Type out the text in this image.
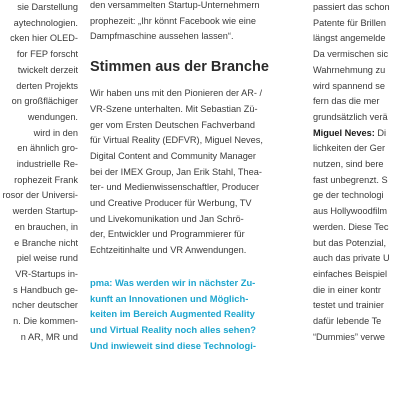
sie Darstellung
aytechnologien.
cken hier OLED-
for FEP forscht
twickelt derzeit
derten Projekts
on großflächiger
wendungen.
wird in den
en ähnlich gro-
industrielle Re-
rophezeit Frank
rosor der Universi-
werden Startup-
en brauchen, in
e Branche nicht
piel weise rund
VR-Startups in-
s Handbuch ge-
ncher deutscher
n. Die kommen-
n AR, MR und
den versammelten Startup-Unternehmern
prophezeit: „Ihr könnt Facebook wie eine
Dampfmaschine aussehen lassen“.
Stimmen aus der Branche
Wir haben uns mit den Pionieren der AR- /
VR-Szene unterhalten. Mit Sebastian Zü-
ger vom Ersten Deutschen Fachverband
für Virtual Reality (EDFVR), Miguel Neves,
Digital Content and Community Manager
bei der IMEX Group, Jan Erik Stahl, Thea-
ter- und Medienwissenschaftler, Producer
und Creative Producer für Werbung, TV
und Livekomunikation und Jan Schrö-
der, Entwickler und Programmierer für
Echtzeitinhalte und VR Anwendungen.
pma: Was werden wir in nächster Zu-
kunft an Innovationen und Möglich-
keiten im Bereich Augmented Reality
und Virtual Reality noch alles sehen?
Und inwieweit sind diese Technologi-
passiert das schon
Patente für Brillen
längst angemelde
Da vermischen sic
Wahrnehmung zu
wird spannend se
fern das die mer
grundsätzlich verä
Miguel Neves: Di
lichkeiten der Ger
nutzen, sind bere
fast unbegrenzt. S
ge der technologi
aus Hollywoodfilm
werden. Diese Tec
but das Potenzial,
auch das private U
einfaches Beispiel
die in einer kontr
testet und trainier
dafür lebende Te
“Dummies” verwe
